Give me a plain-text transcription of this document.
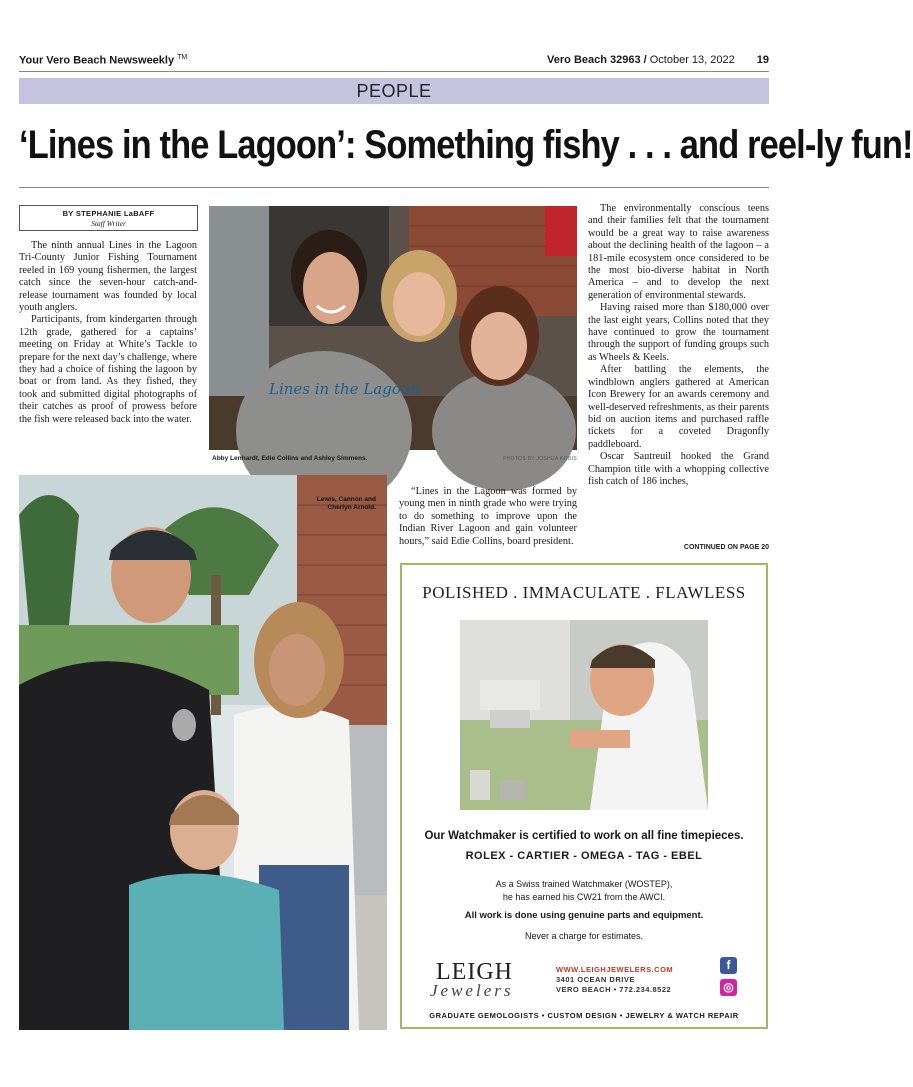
Your Vero Beach Newsweekly ™	Vero Beach 32963 / October 13, 2022 19
PEOPLE
‘Lines in the Lagoon’: Something fishy . . . and reel-ly fun!
BY STEPHANIE LaBAFF
Staff Writer

The ninth annual Lines in the Lagoon Tri-County Junior Fishing Tournament reeled in 169 young fishermen, the largest catch since the seven-hour catch-and-release tournament was founded by local youth anglers.

Participants, from kindergarten through 12th grade, gathered for a captains’ meeting on Friday at White’s Tackle to prepare for the next day’s challenge, where they had a choice of fishing the lagoon by boat or from land. As they fished, they took and submitted digital photographs of their catches as proof of prowess before the fish were released back into the water.

Lines in the Lagoon
Abby Lenhardt, Edie Collins and Ashley Simmens.	PHOTOS BY JOSHUA KODIS

The environmentally conscious teens and their families felt that the tournament would be a great way to raise awareness about the declining health of the lagoon – a 181-mile ecosystem once considered to be the most bio-diverse habitat in North America – and to develop the next generation of environmental stewards.

Having raised more than $180,000 over the last eight years, Collins noted that they have continued to grow the tournament through the support of funding groups such as Wheels & Keels.

After battling the elements, the windblown anglers gathered at American Icon Brewery for an awards ceremony and well-deserved refreshments, as their parents bid on auction items and purchased raffle tickets for a coveted Dragonfly paddleboard.

Oscar Sautreuil hooked the Grand Champion title with a whopping collective fish catch of 186 inches,

CONTINUED ON PAGE 20

“Lines in the Lagoon was formed by young men in ninth grade who were trying to do something to improve upon the Indian River Lagoon and gain volunteer hours,” said Edie Collins, board president.

Lewis, Cannon and Cherlyn Arnold.
POLISHED . IMMACULATE . FLAWLESS
Our Watchmaker is certified to work on all fine timepieces.
ROLEX - CARTIER - OMEGA - TAG - EBEL
As a Swiss trained Watchmaker (WOSTEP),
he has earned his CW21 from the AWCI.
All work is done using genuine parts and equipment.
Never a charge for estimates.
LEIGH
Jewelers
WWW.LEIGHJEWELERS.COM
3401 OCEAN DRIVE
VERO BEACH • 772.234.8522
f
◎
GRADUATE GEMOLOGISTS • CUSTOM DESIGN • JEWELRY & WATCH REPAIR
